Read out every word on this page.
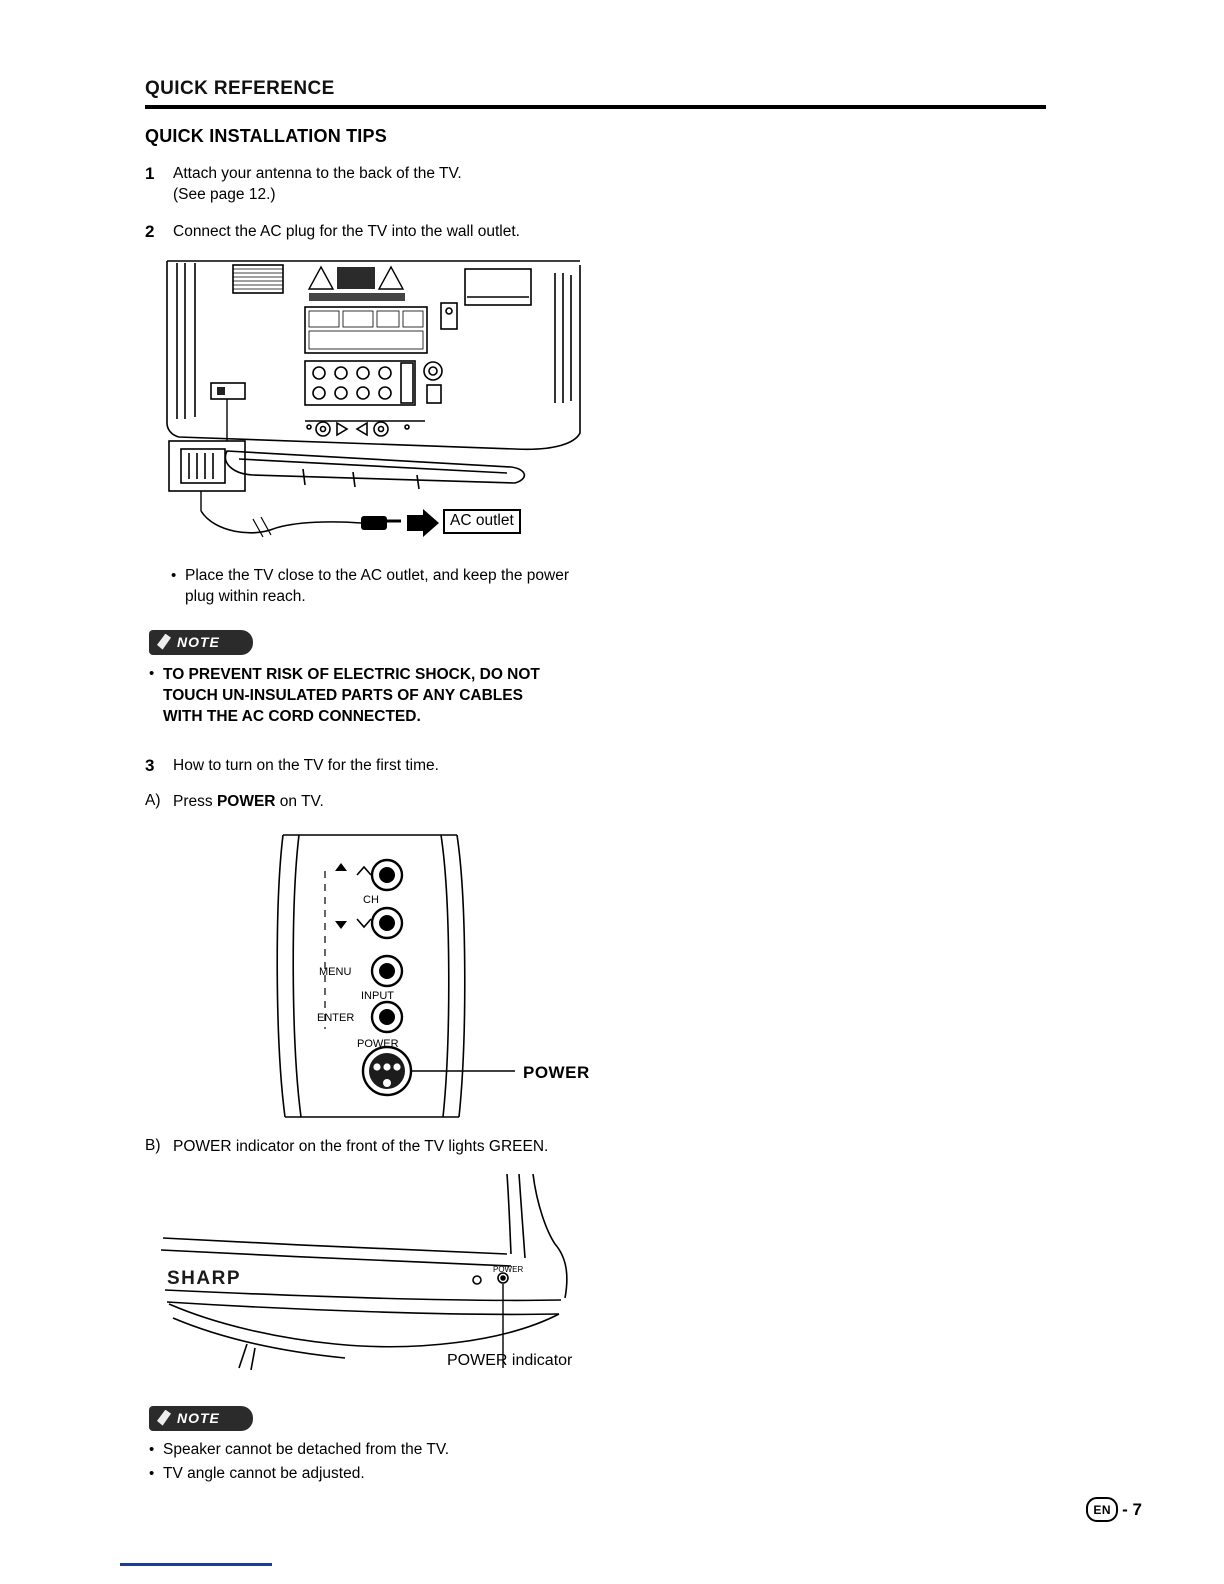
QUICK REFERENCE
QUICK INSTALLATION TIPS
1	Attach your antenna to the back of the TV.
(See page 12.)
2	Connect the AC plug for the TV into the wall outlet.
AC outlet
• Place the TV close to the AC outlet, and keep the power
plug within reach.
NOTE
• TO PREVENT RISK OF ELECTRIC SHOCK, DO NOT
TOUCH UN-INSULATED PARTS OF ANY CABLES
WITH THE AC CORD CONNECTED.
3	How to turn on the TV for the first time.
A) Press POWER on TV.
CH
MENU
INPUT
ENTER
POWER
POWER
B) POWER indicator on the front of the TV lights GREEN.
POWER
SHARP
POWER indicator
NOTE
• Speaker cannot be detached from the TV.
• TV angle cannot be adjusted.
EN - 7
